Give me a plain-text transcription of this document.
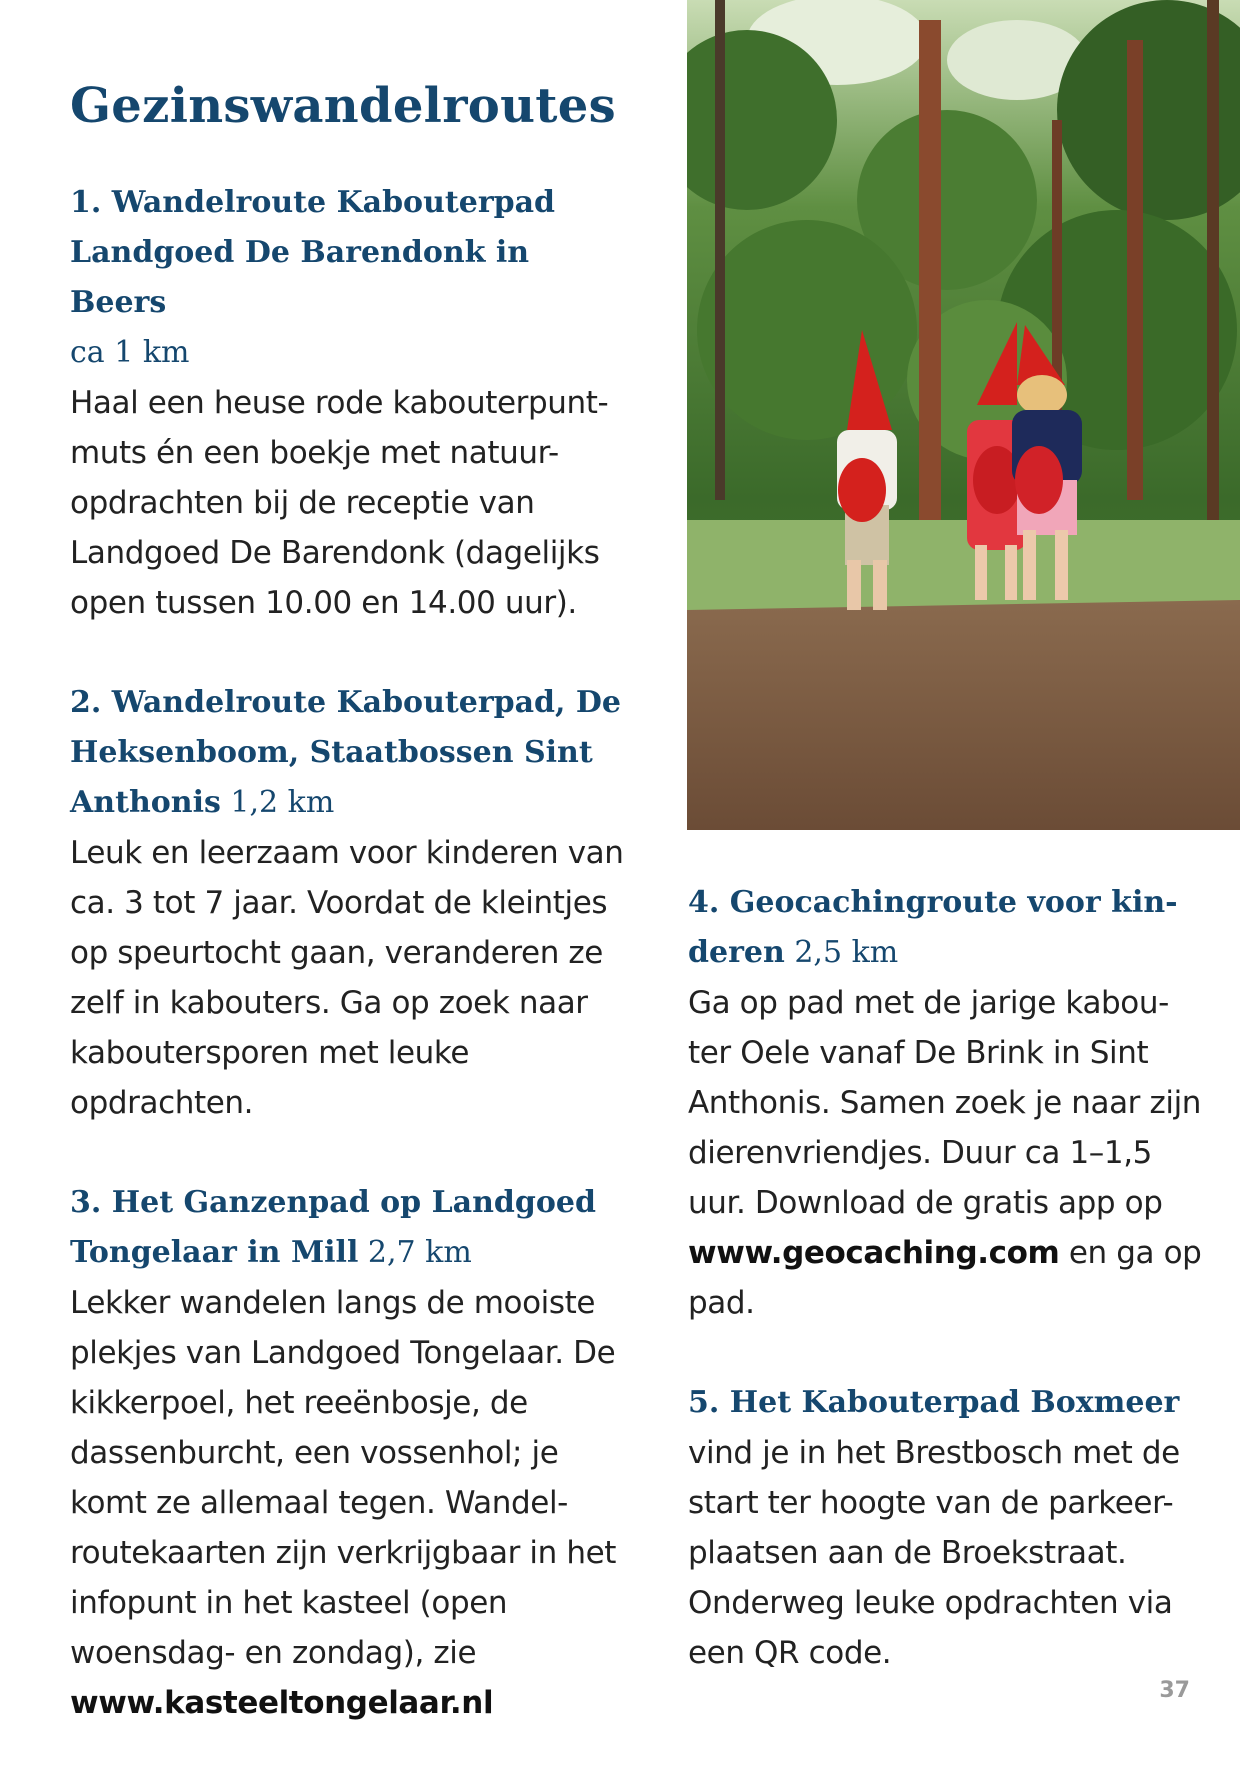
Gezinswandelroutes

1. Wandelroute Kabouterpad
Landgoed De Barendonk in Beers
ca 1 km

Haal een heuse rode kabouterpunt- muts én een boekje met natuur- opdrachten bij de receptie van Landgoed De Barendonk (dagelijks open tussen 10.00 en 14.00 uur).

2. Wandelroute Kabouterpad, De Heksenboom, Staatbossen Sint Anthonis 1,2 km

Leuk en leerzaam voor kinderen van ca. 3 tot 7 jaar. Voordat de kleintjes op speurtocht gaan, veranderen ze zelf in kabouters. Ga op zoek naar kaboutersporen met leuke opdrachten.

3. Het Ganzenpad op Landgoed Tongelaar in Mill 2,7 km

Lekker wandelen langs de mooiste plekjes van Landgoed Tongelaar. De kikkerpoel, het reeënbosje, de dassenburcht, een vossenhol; je komt ze allemaal tegen. Wandel- routekaarten zijn verkrijgbaar in het infopunt in het kasteel (open woensdag- en zondag), zie
www.kasteeltongelaar.nl

4. Geocachingroute voor kin- deren 2,5 km

Ga op pad met de jarige kabou- ter Oele vanaf De Brink in Sint Anthonis. Samen zoek je naar zijn dierenvriendjes. Duur ca 1–1,5 uur. Download de gratis app op www.geocaching.com en ga op pad.

5. Het Kabouterpad Boxmeer

vind je in het Brestbosch met de start ter hoogte van de parkeer- plaatsen aan de Broekstraat. Onderweg leuke opdrachten via een QR code.

37
